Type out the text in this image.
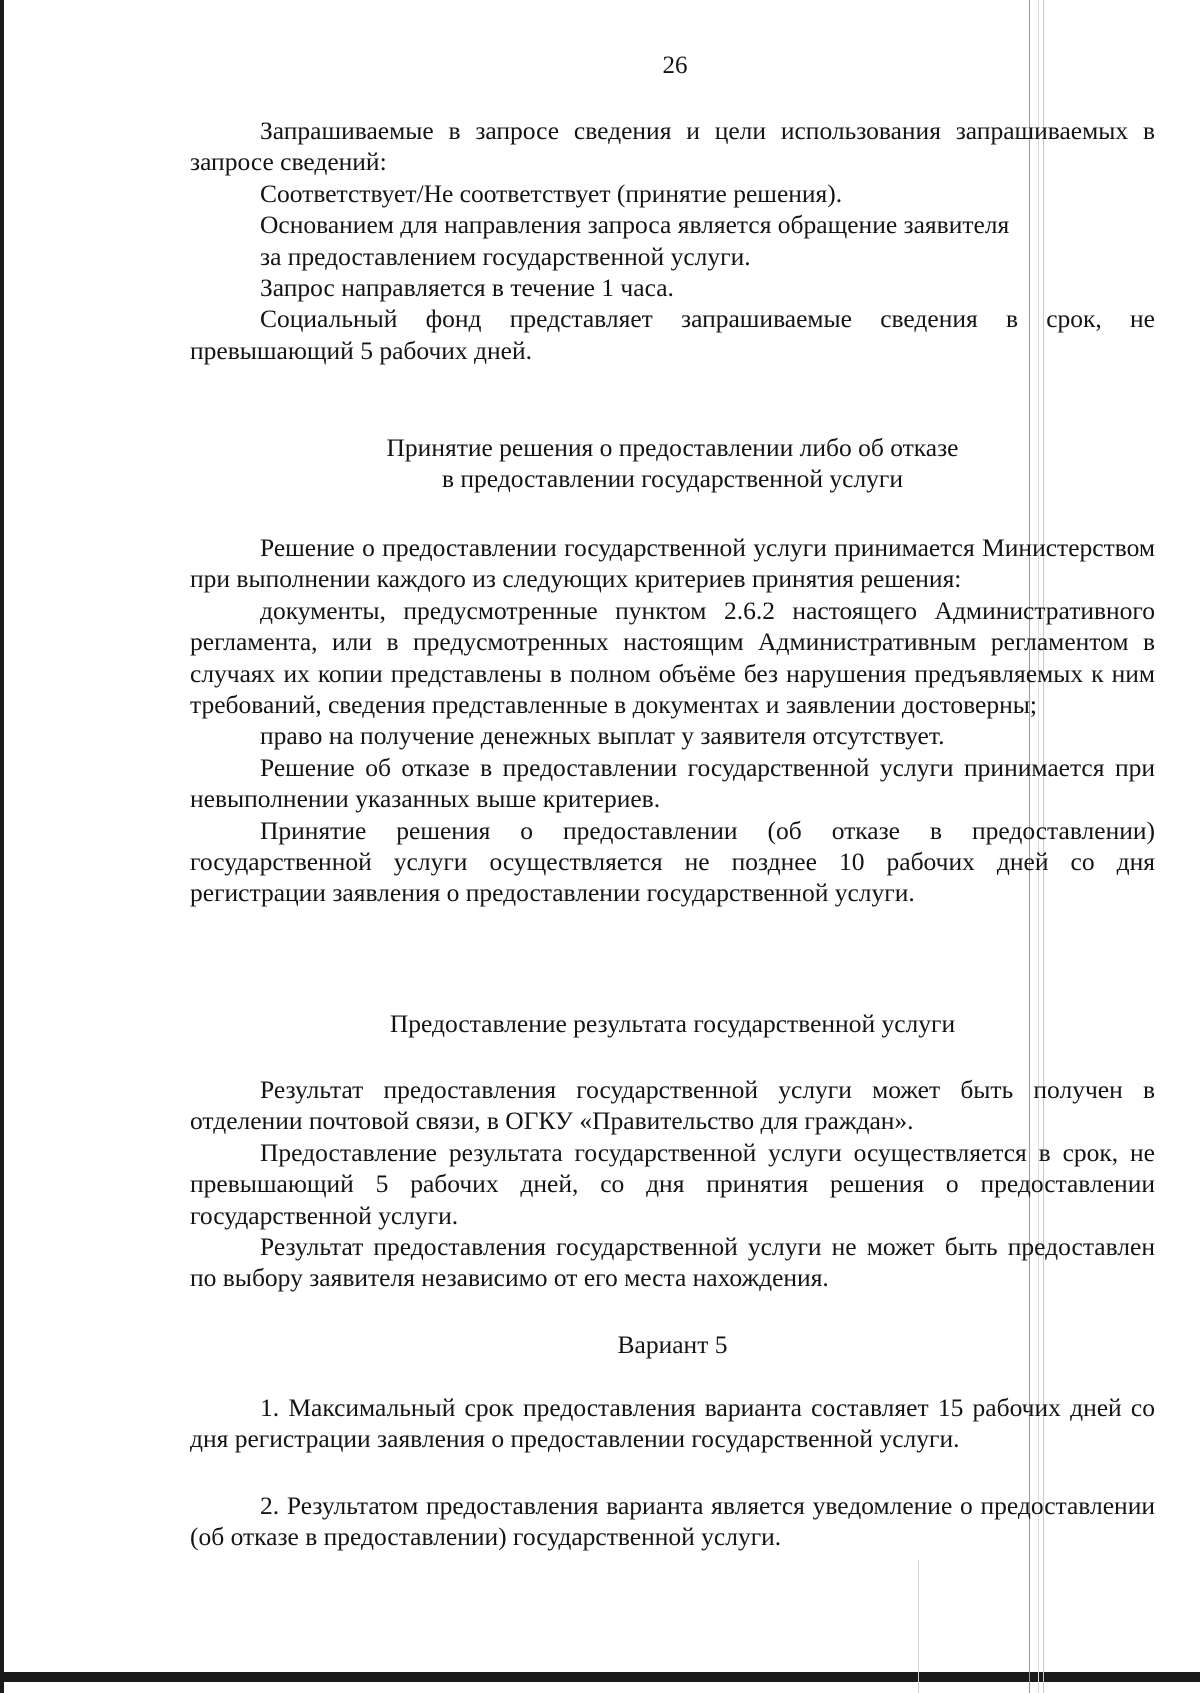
26

Запрашиваемые в запросе сведения и цели использования запрашиваемых в запросе сведений:

Соответствует/Не соответствует (принятие решения).

Основанием для направления запроса является обращение заявителя

за предоставлением государственной услуги.

Запрос направляется в течение 1 часа.

Социальный фонд представляет запрашиваемые сведения в срок, не превышающий 5 рабочих дней.

Принятие решения о предоставлении либо об отказе
в предоставлении государственной услуги

Решение о предоставлении государственной услуги принимается Министерством при выполнении каждого из следующих критериев принятия решения:

документы, предусмотренные пунктом 2.6.2 настоящего Административного регламента, или в предусмотренных настоящим Административным регламентом в случаях их копии представлены в полном объёме без нарушения предъявляемых к ним требований, сведения представленные в документах и заявлении достоверны;

право на получение денежных выплат у заявителя отсутствует.

Решение об отказе в предоставлении государственной услуги принимается при невыполнении указанных выше критериев.

Принятие решения о предоставлении (об отказе в предоставлении) государственной услуги осуществляется не позднее 10 рабочих дней со дня регистрации заявления о предоставлении государственной услуги.

Предоставление результата государственной услуги

Результат предоставления государственной услуги может быть получен в отделении почтовой связи, в ОГКУ «Правительство для граждан».

Предоставление результата государственной услуги осуществляется в срок, не превышающий 5 рабочих дней, со дня принятия решения о предоставлении государственной услуги.

Результат предоставления государственной услуги не может быть предоставлен по выбору заявителя независимо от его места нахождения.

Вариант 5

1. Максимальный срок предоставления варианта составляет 15 рабочих дней со дня регистрации заявления о предоставлении государственной услуги.

2. Результатом предоставления варианта является уведомление о предоставлении (об отказе в предоставлении) государственной услуги.
